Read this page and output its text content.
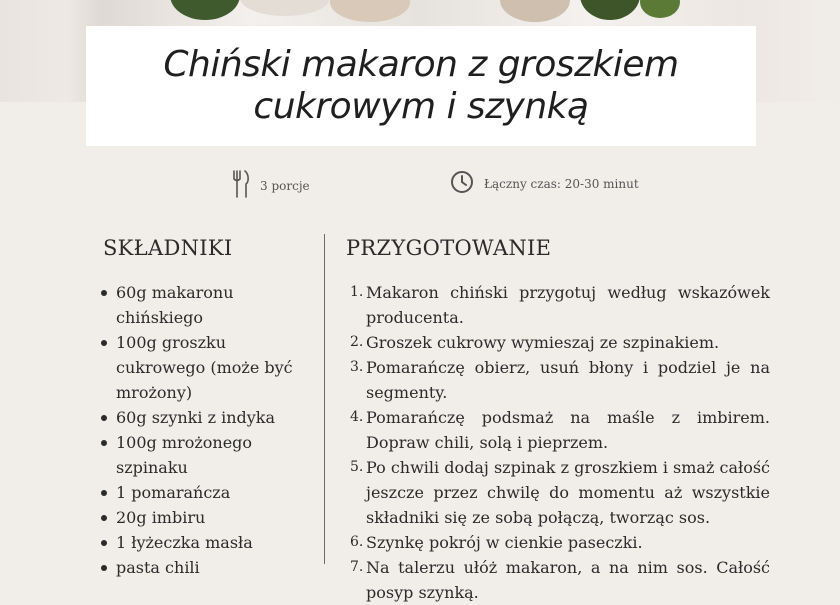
Chiński makaron z groszkiem cukrowym i szynką
3 porcje	Łączny czas: 20-30 minut
SKŁADNIKI	PRZYGOTOWANIE
60g makaronu chińskiego
100g groszku cukrowego (może być mrożony)
60g szynki z indyka
100g mrożonego szpinaku
1 pomarańcza
20g imbiru
1 łyżeczka masła
pasta chili
1. Makaron chiński przygotuj według wskazówek producenta.
2. Groszek cukrowy wymieszaj ze szpinakiem.
3. Pomarańczę obierz, usuń błony i podziel je na segmenty.
4. Pomarańczę podsmaż na maśle z imbirem. Dopraw chili, solą i pieprzem.
5. Po chwili dodaj szpinak z groszkiem i smaż całość jeszcze przez chwilę do momentu aż wszystkie składniki się ze sobą połączą, tworząc sos.
6. Szynkę pokrój w cienkie paseczki.
7. Na talerzu ułóż makaron, a na nim sos. Całość posyp szynką.
